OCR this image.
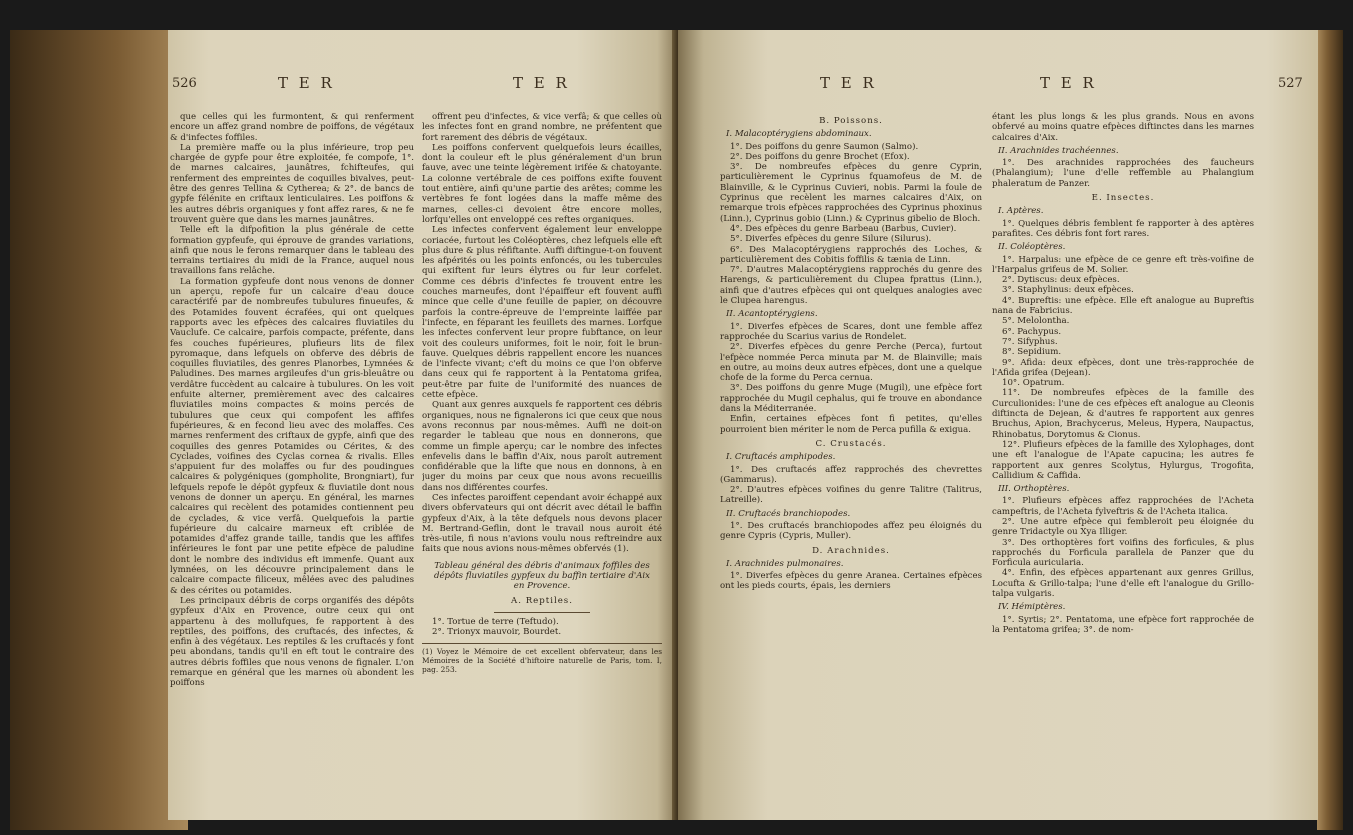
526	T E R	T E R

que celles qui les furmontent, & qui renferment encore un affez grand nombre de poiffons, de végétaux & d'infectes foffiles.

La première maffe ou la plus inférieure, trop peu chargée de gypfe pour être exploitée, fe compofe, 1°. de marnes calcaires, jaunâtres, fchifteufes, qui renferment des empreintes de coquilles bivalves, peut-être des genres Tellina & Cytherea; & 2°. de bancs de gypfe félénite en criftaux lenticulaires. Les poiffons & les autres débris organiques y font affez rares, & ne fe trouvent guère que dans les marnes jaunâtres.

Telle eft la difpofition la plus générale de cette formation gypfeufe, qui éprouve de grandes variations, ainfi que nous le ferons remarquer dans le tableau des terrains tertiaires du midi de la France, auquel nous travaillons fans relâche.

La formation gypfeufe dont nous venons de donner un aperçu, repofe fur un calcaire d'eau douce caractérifé par de nombreufes tubulures finueufes, & des Potamides fouvent écrafées, qui ont quelques rapports avec les efpèces des calcaires fluviatiles du Vauclufe. Ce calcaire, parfois compacte, préfente, dans fes couches fupérieures, plufieurs lits de filex pyromaque, dans lefquels on obferve des débris de coquilles fluviatiles, des genres Planorbes, Lymnées & Paludines. Des marnes argileufes d'un gris-bleuâtre ou verdâtre fuccèdent au calcaire à tubulures. On les voit enfuite alterner, premièrement avec des calcaires fluviatiles moins compactes & moins percés de tubulures que ceux qui compofent les affifes fupérieures, & en fecond lieu avec des molaffes. Ces marnes renferment des criftaux de gypfe, ainfi que des coquilles des genres Potamides ou Cérites, & des Cyclades, voifines des Cyclas cornea & rivalis. Elles s'appuient fur des molaffes ou fur des poudingues calcaires & polygéniques (gompholite, Brongniart), fur lefquels repofe le dépôt gypfeux & fluviatile dont nous venons de donner un aperçu. En général, les marnes calcaires qui recèlent des potamides contiennent peu de cyclades, & vice verfâ. Quelquefois la partie fupérieure du calcaire marneux eft criblée de potamides d'affez grande taille, tandis que les affifes inférieures le font par une petite efpèce de paludine dont le nombre des individus eft immenfe. Quant aux lymnées, on les découvre principalement dans le calcaire compacte filiceux, mêlées avec des paludines & des cérites ou potamides.

Les principaux débris de corps organifés des dépôts gypfeux d'Aix en Provence, outre ceux qui ont appartenu à des mollufques, fe rapportent à des reptiles, des poiffons, des cruftacés, des infectes, & enfin à des végétaux. Les reptiles & les cruftacés y font peu abondans, tandis qu'il en eft tout le contraire des autres débris foffiles que nous venons de fignaler. L'on remarque en général que les marnes où abondent les poiffons

offrent peu d'infectes, & vice verfâ; & que celles où les infectes font en grand nombre, ne préfentent que fort rarement des débris de végétaux.

Les poiffons confervent quelquefois leurs écailles, dont la couleur eft le plus généralement d'un brun fauve, avec une teinte légèrement irifée & chatoyante. La colonne vertébrale de ces poiffons exifte fouvent tout entière, ainfi qu'une partie des arêtes; comme les vertèbres fe font logées dans la maffe même des marnes, celles-ci devoient être encore molles, lorfqu'elles ont enveloppé ces reftes organiques.

Les infectes confervent également leur enveloppe coriacée, furtout les Coléoptères, chez lefquels elle eft plus dure & plus réfiftante. Auffi diftingue-t-on fouvent les afpérités ou les points enfoncés, ou les tubercules qui exiftent fur leurs élytres ou fur leur corfelet. Comme ces débris d'infectes fe trouvent entre les couches marneufes, dont l'épaiffeur eft fouvent auffi mince que celle d'une feuille de papier, on découvre parfois la contre-épreuve de l'empreinte laiffée par l'infecte, en féparant les feuillets des marnes. Lorfque les infectes confervent leur propre fubftance, on leur voit des couleurs uniformes, foit le noir, foit le brun-fauve. Quelques débris rappellent encore les nuances de l'infecte vivant; c'eft du moins ce que l'on obferve dans ceux qui fe rapportent à la Pentatoma grifea, peut-être par fuite de l'uniformité des nuances de cette efpèce.

Quant aux genres auxquels fe rapportent ces débris organiques, nous ne fignalerons ici que ceux que nous avons reconnus par nous-mêmes. Auffi ne doit-on regarder le tableau que nous en donnerons, que comme un fimple aperçu; car le nombre des infectes enfevelis dans le baffin d'Aix, nous paroît autrement confidérable que la lifte que nous en donnons, à en juger du moins par ceux que nous avons recueillis dans nos différentes courfes.

Ces infectes paroiffent cependant avoir échappé aux divers obfervateurs qui ont décrit avec détail le baffin gypfeux d'Aix, à la tête defquels nous devons placer M. Bertrand-Geflin, dont le travail nous auroit été très-utile, fi nous n'avions voulu nous reftreindre aux faits que nous avions nous-mêmes obfervés (1).

Tableau général des débris d'animaux foffiles des dépôts fluviatiles gypfeux du baffin tertiaire d'Aix en Provence.

A. Reptiles.

1°. Tortue de terre (Teftudo).

2°. Trionyx mauvoir, Bourdet.

(1) Voyez le Mémoire de cet excellent obfervateur, dans les Mémoires de la Société d'hiftoire naturelle de Paris, tom. I, pag. 253.

T E R	T E R	527

B. Poissons.

I. Malacoptérygiens abdominaux.

1°. Des poiffons du genre Saumon (Salmo).

2°. Des poiffons du genre Brochet (Efox).

3°. De nombreufes efpèces du genre Cyprin, particulièrement le Cyprinus fquamofeus de M. de Blainville, & le Cyprinus Cuvieri, nobis. Parmi la foule de Cyprinus que recèlent les marnes calcaires d'Aix, on remarque trois efpèces rapprochées des Cyprinus phoxinus (Linn.), Cyprinus gobio (Linn.) & Cyprinus gibelio de Bloch.

4°. Des efpèces du genre Barbeau (Barbus, Cuvier).

5°. Diverfes efpèces du genre Silure (Silurus).

6°. Des Malacoptérygiens rapprochés des Loches, & particulièrement des Cobitis foffilis & tænia de Linn.

7°. D'autres Malacoptérygiens rapprochés du genre des Harengs, & particulièrement du Clupea fprattus (Linn.), ainfi que d'autres efpèces qui ont quelques analogies avec le Clupea harengus.

II. Acantoptérygiens.

1°. Diverfes efpèces de Scares, dont une femble affez rapprochée du Scarius varius de Rondelet.

2°. Diverfes efpèces du genre Perche (Perca), furtout l'efpèce nommée Perca minuta par M. de Blainville; mais en outre, au moins deux autres efpèces, dont une a quelque chofe de la forme du Perca cernua.

3°. Des poiffons du genre Muge (Mugil), une efpèce fort rapprochée du Mugil cephalus, qui fe trouve en abondance dans la Méditerranée.

Enfin, certaines efpèces font fi petites, qu'elles pourroient bien mériter le nom de Perca pufilla & exigua.

C. Crustacés.

I. Cruftacés amphipodes.

1°. Des cruftacés affez rapprochés des chevrettes (Gammarus).

2°. D'autres efpèces voifines du genre Talitre (Talitrus, Latreille).

II. Cruftacés branchiopodes.

1°. Des cruftacés branchiopodes affez peu éloignés du genre Cypris (Cypris, Muller).

D. Arachnides.

I. Arachnides pulmonaires.

1°. Diverfes efpèces du genre Aranea. Certaines efpèces ont les pieds courts, épais, les derniers

étant les plus longs & les plus grands. Nous en avons obfervé au moins quatre efpèces diftinctes dans les marnes calcaires d'Aix.

II. Arachnides trachéennes.

1°. Des arachnides rapprochées des faucheurs (Phalangium); l'une d'elle reffemble au Phalangium phaleratum de Panzer.

E. Insectes.

I. Aptères.

1°. Quelques débris femblent fe rapporter à des aptères parafites. Ces débris font fort rares.

II. Coléoptères.

1°. Harpalus: une efpèce de ce genre eft très-voifine de l'Harpalus grifeus de M. Solier.

2°. Dytiscus: deux efpèces.

3°. Staphylinus: deux efpèces.

4°. Bupreftis: une efpèce. Elle eft analogue au Bupreftis nana de Fabricius.

5°. Melolontha.

6°. Pachypus.

7°. Sifyphus.

8°. Sepidium.

9°. Afida: deux efpèces, dont une très-rapprochée de l'Afida grifea (Dejean).

10°. Opatrum.

11°. De nombreufes efpèces de la famille des Curculionides: l'une de ces efpèces eft analogue au Cleonis diftincta de Dejean, & d'autres fe rapportent aux genres Bruchus, Apion, Brachycerus, Meleus, Hypera, Naupactus, Rhinobatus, Dorytomus & Cionus.

12°. Plufieurs efpèces de la famille des Xylophages, dont une eft l'analogue de l'Apate capucina; les autres fe rapportent aux genres Scolytus, Hylurgus, Trogofita, Callidium & Caffida.

III. Orthoptères.

1°. Plufieurs efpèces affez rapprochées de l'Acheta campeftris, de l'Acheta fylveftris & de l'Acheta italica.

2°. Une autre efpèce qui fembleroit peu éloignée du genre Tridactyle ou Xya Illiger.

3°. Des orthoptères fort voifins des forficules, & plus rapprochés du Forficula parallela de Panzer que du Forficula auricularia.

4°. Enfin, des efpèces appartenant aux genres Grillus, Locufta & Grillo-talpa; l'une d'elle eft l'analogue du Grillo-talpa vulgaris.

IV. Hémiptères.

1°. Syrtis; 2°. Pentatoma, une efpèce fort rapprochée de la Pentatoma grifea; 3°. de nom-
